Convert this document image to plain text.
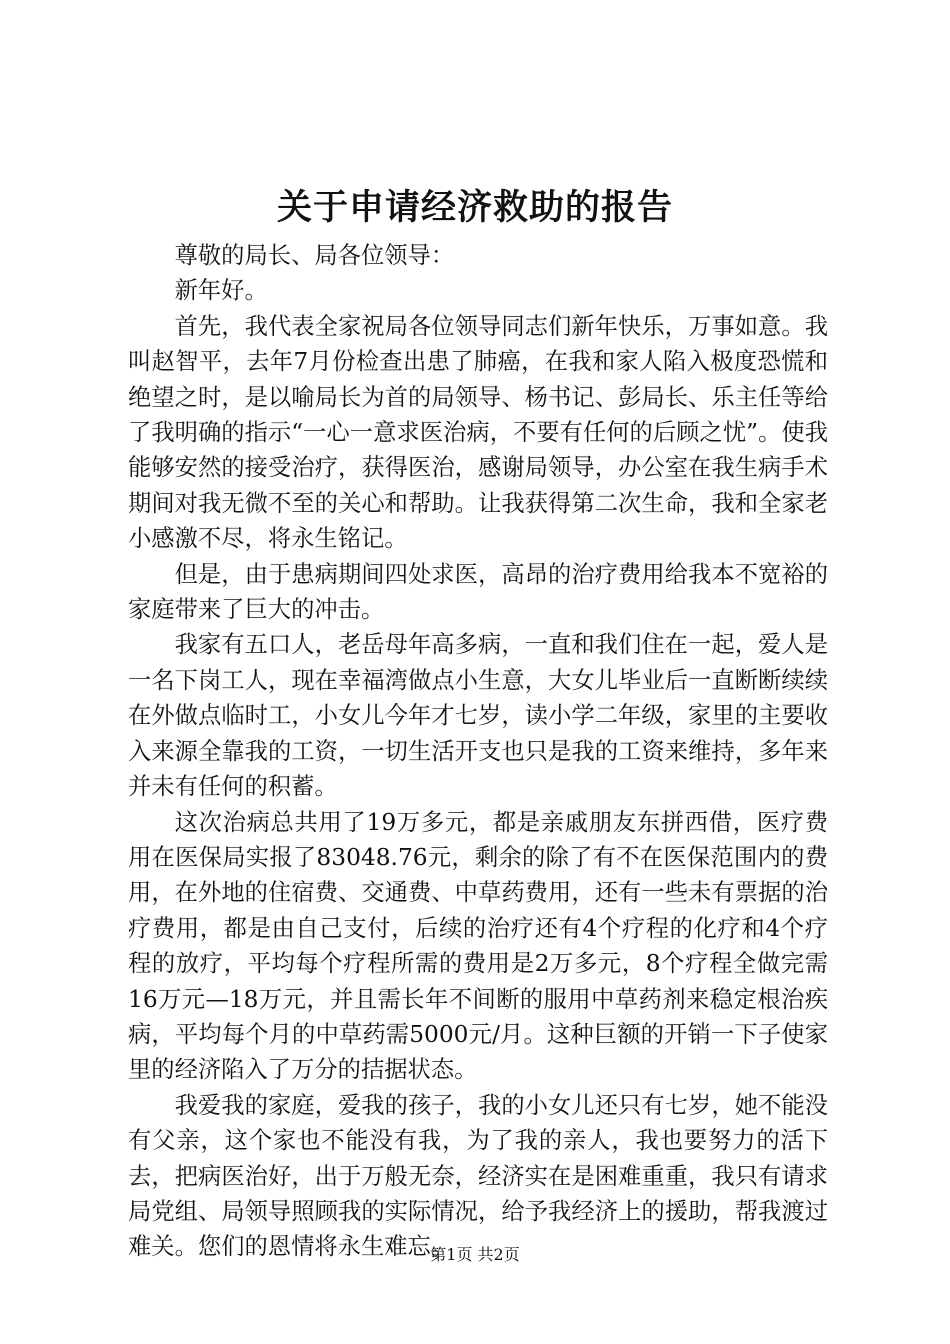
关于申请经济救助的报告

尊敬的局长、局各位领导：

新年好。

首先，我代表全家祝局各位领导同志们新年快乐，万事如意。我叫赵智平，去年7月份检查出患了肺癌，在我和家人陷入极度恐慌和绝望之时，是以喻局长为首的局领导、杨书记、彭局长、乐主任等给了我明确的指示“一心一意求医治病，不要有任何的后顾之忧”。使我能够安然的接受治疗，获得医治，感谢局领导，办公室在我生病手术期间对我无微不至的关心和帮助。让我获得第二次生命，我和全家老小感激不尽，将永生铭记。

但是，由于患病期间四处求医，高昂的治疗费用给我本不宽裕的家庭带来了巨大的冲击。

我家有五口人，老岳母年高多病，一直和我们住在一起，爱人是一名下岗工人，现在幸福湾做点小生意，大女儿毕业后一直断断续续在外做点临时工，小女儿今年才七岁，读小学二年级，家里的主要收入来源全靠我的工资，一切生活开支也只是我的工资来维持，多年来并未有任何的积蓄。

这次治病总共用了19万多元，都是亲戚朋友东拼西借，医疗费用在医保局实报了83048.76元，剩余的除了有不在医保范围内的费用，在外地的住宿费、交通费、中草药费用，还有一些未有票据的治疗费用，都是由自己支付，后续的治疗还有4个疗程的化疗和4个疗程的放疗，平均每个疗程所需的费用是2万多元，8个疗程全做完需16万元—18万元，并且需长年不间断的服用中草药剂来稳定根治疾病，平均每个月的中草药需5000元/月。这种巨额的开销一下子使家里的经济陷入了万分的拮据状态。

我爱我的家庭，爱我的孩子，我的小女儿还只有七岁，她不能没有父亲，这个家也不能没有我，为了我的亲人，我也要努力的活下去，把病医治好，出于万般无奈，经济实在是困难重重，我只有请求局党组、局领导照顾我的实际情况，给予我经济上的援助，帮我渡过难关。您们的恩情将永生难忘。

第1页 共2页
